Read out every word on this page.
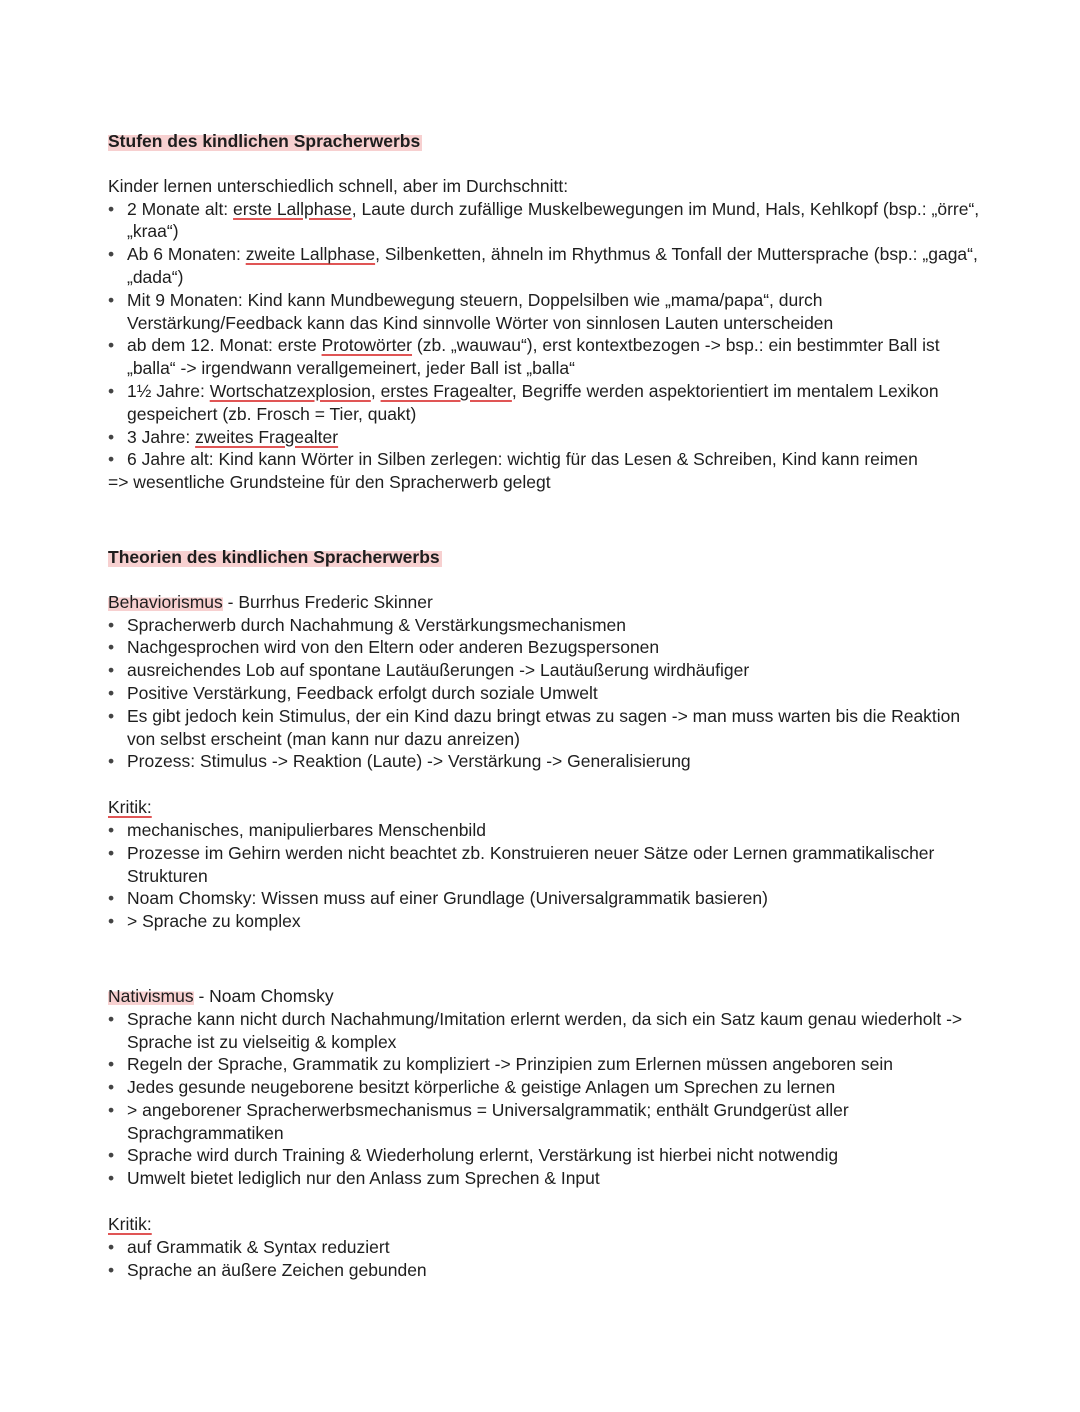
Stufen des kindlichen Spracherwerbs
Kinder lernen unterschiedlich schnell, aber im Durchschnitt:
• 2 Monate alt: erste Lallphase, Laute durch zufällige Muskelbewegungen im Mund, Hals, Kehlkopf (bsp.: „örre“, „kraa“)
• Ab 6 Monaten: zweite Lallphase, Silbenketten, ähneln im Rhythmus & Tonfall der Muttersprache (bsp.: „gaga“, „dada“)
• Mit 9 Monaten: Kind kann Mundbewegung steuern, Doppelsilben wie „mama/papa“, durch Verstärkung/Feedback kann das Kind sinnvolle Wörter von sinnlosen Lauten unterscheiden
• ab dem 12. Monat: erste Protowörter (zb. „wauwau“), erst kontextbezogen -> bsp.: ein bestimmter Ball ist „balla“ -> irgendwann verallgemeinert, jeder Ball ist „balla“
• 1½ Jahre: Wortschatzexplosion, erstes Fragealter, Begriffe werden aspektorientiert im mentalem Lexikon gespeichert (zb. Frosch = Tier, quakt)
• 3 Jahre: zweites Fragealter
• 6 Jahre alt: Kind kann Wörter in Silben zerlegen: wichtig für das Lesen & Schreiben, Kind kann reimen
=> wesentliche Grundsteine für den Spracherwerb gelegt
Theorien des kindlichen Spracherwerbs
Behaviorismus - Burrhus Frederic Skinner
• Spracherwerb durch Nachahmung & Verstärkungsmechanismen
• Nachgesprochen wird von den Eltern oder anderen Bezugspersonen
• ausreichendes Lob auf spontane Lautäußerungen -> Lautäußerung wirdhäufiger
• Positive Verstärkung, Feedback erfolgt durch soziale Umwelt
• Es gibt jedoch kein Stimulus, der ein Kind dazu bringt etwas zu sagen -> man muss warten bis die Reaktion von selbst erscheint (man kann nur dazu anreizen)
• Prozess: Stimulus -> Reaktion (Laute) -> Verstärkung -> Generalisierung
Kritik:
• mechanisches, manipulierbares Menschenbild
• Prozesse im Gehirn werden nicht beachtet zb. Konstruieren neuer Sätze oder Lernen grammatikalischer Strukturen
• Noam Chomsky: Wissen muss auf einer Grundlage (Universalgrammatik basieren)
• > Sprache zu komplex
Nativismus - Noam Chomsky
• Sprache kann nicht durch Nachahmung/Imitation erlernt werden, da sich ein Satz kaum genau wiederholt -> Sprache ist zu vielseitig & komplex
• Regeln der Sprache, Grammatik zu kompliziert -> Prinzipien zum Erlernen müssen angeboren sein
• Jedes gesunde neugeborene besitzt körperliche & geistige Anlagen um Sprechen zu lernen
• > angeborener Spracherwerbsmechanismus = Universalgrammatik; enthält Grundgerüst aller Sprachgrammatiken
• Sprache wird durch Training & Wiederholung erlernt, Verstärkung ist hierbei nicht notwendig
• Umwelt bietet lediglich nur den Anlass zum Sprechen & Input
Kritik:
• auf Grammatik & Syntax reduziert
• Sprache an äußere Zeichen gebunden
